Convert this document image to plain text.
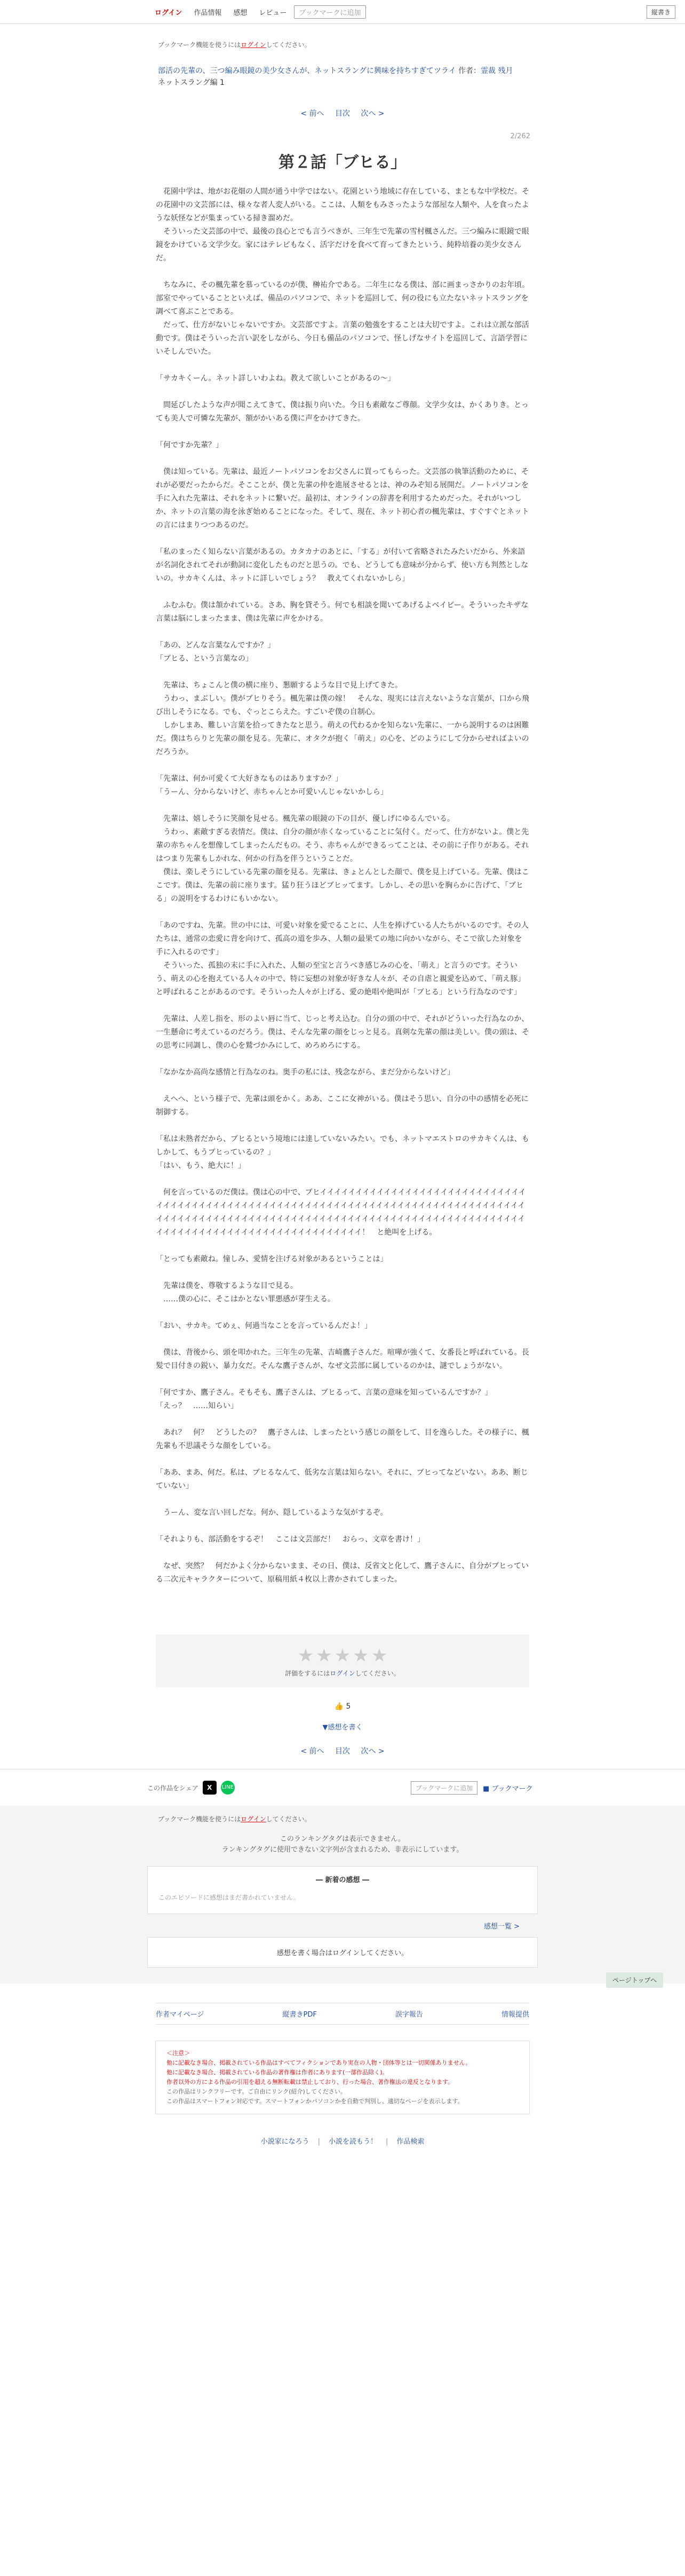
ログイン	作品情報	感想	レビュー	ブックマークに追加	縦書き
ブックマーク機能を使うにはログインしてください。
部活の先輩の、三つ編み眼鏡の美少女さんが、ネットスラングに興味を持ちすぎてツライ 作者：霊裁 残月
ネットスラング編 1
< 前へ 目次 次へ >
2/262
第２話「ブヒる」

花園中学は、地がお花畑の人間が通う中学ではない。花園という地域に存在している、まともな中学校だ。その花園中の文芸部には、様々な者人変人がいる。ここは、人類をもみさったような部屋な人類や、人を食ったような妖怪などが集まっている掃き溜めだ。

そういった文芸部の中で、最後の良心とでも言うべきが、三年生で先輩の雪村楓さんだ。三つ編みに眼鏡で眼鏡をかけている文学少女。家にはテレビもなく、活字だけを食べて育ってきたという、純粋培養の美少女さんだ。

ちなみに、その楓先輩を慕っているのが僕、榊祐介である。二年生になる僕は、部に画まっさかりのお年頃。部室でやっていることといえば、備品のパソコンで、ネットを巡回して、何の役にも立たないネットスラングを調べて喜ぶことである。

だって、仕方がないじゃないですか。文芸部ですよ。言葉の勉強をすることは大切ですよ。これは立派な部活動です。僕はそういった言い訳をしながら、今日も備品のパソコンで、怪しげなサイトを巡回して、言語学習にいそしんでいた。

「サカキくーん。ネット詳しいわよね。教えて欲しいことがあるの～」

間延びしたような声が聞こえてきて、僕は振り向いた。今日も素敵なご尊顔。文学少女は、かくありき。とっても美人で可憐な先輩が、額がかいある僕に声をかけてきた。

「何ですか先輩？」

僕は知っている。先輩は、最近ノートパソコンをお父さんに買ってもらった。文芸部の執筆活動のために、それが必要だったからだ。そこことが、僕と先輩の仲を進展させるとは、神のみぞ知る展開だ。ノートパソコンを手に入れた先輩は、それをネットに繋いだ。最初は、オンラインの辞書を利用するためだった。それがいつしか、ネットの言葉の海を泳ぎ始めることになった。そして、現在、ネット初心者の楓先輩は、すぐすぐとネットの言にはまりつつあるのだ。

「私のまったく知らない言葉があるの。カタカナのあとに、「する」が付いて省略されたみたいだから、外来語が名詞化されてそれが動詞に変化したものだと思うの。でも、どうしても意味が分からず、使い方も判然としないの。サカキくんは、ネットに詳しいでしょう？　教えてくれないかしら」

ふむふむ。僕は頷かれている。さあ、胸を貸そう。何でも相談を聞いてあげるよベイビー。そういったキザな言葉は脳にしまったまま、僕は先輩に声をかける。

「あの、どんな言葉なんですか？」

「ブヒる、という言葉なの」

先輩は、ちょこんと僕の横に座り、懇願するような目で見上げてきた。

うわっ、まぶしい。僕がブヒりそう。楓先輩は僕の嫁！　そんな、現実には言えないような言葉が、口から飛び出しそうになる。でも、ぐっとこらえた。すごいぞ僕の自制心。

しかしまあ、難しい言葉を拾ってきたなと思う。萌えの代わるかを知らない先輩に、一から説明するのは困難だ。僕はちらりと先輩の顔を見る。先輩に、オタクが抱く「萌え」の心を、どのようにして分からせればよいのだろうか。

「先輩は、何か可愛くて大好きなものはありますか？」

「うーん、分からないけど、赤ちゃんとか可愛いんじゃないかしら」

先輩は、嬉しそうに笑顔を見せる。楓先輩の眼鏡の下の目が、優しげにゆるんでいる。

うわっ、素敵すぎる表情だ。僕は、自分の顔が赤くなっていることに気付く。だって、仕方がないよ。僕と先輩の赤ちゃんを想像してしまったんだもの。そう、赤ちゃんができるってことは、その前に子作りがある。それはつまり先輩もしかれな、何かの行為を伴うということだ。

僕は、楽しそうにしている先輩の顔を見る。先輩は、きょとんとした顔で、僕を見上げている。先輩、僕はここです。僕は、先輩の前に座ります。猛り狂うほどブヒッてます。しかし、その思いを胸らかに告げて、「ブヒる」の説明をするわけにもいかない。

「あのですね、先輩。世の中には、可愛い対象を愛でることに、人生を捧げている人たちがいるのです。その人たちは、通常の恋愛に背を向けて、孤高の道を歩み、人類の最果ての地に向かいながら、そこで欲した対象を手に入れるのです」

そういった、孤独の末に手に入れた、人類の至宝と言うべき感じみの心を、「萌え」と言うのです。そういう、萌えの心を抱えている人々の中で、特に妄想の対象が好きな人々が、その自虐と親愛を込めて、「萌え豚」と呼ばれることがあるのです。そういった人々が上げる、愛の絶唱や絶叫が「ブヒる」という行為なのです」

先輩は、人差し指を、形のよい唇に当て、じっと考え込む。自分の頭の中で、それがどういった行為なのか、一生懸命に考えているのだろう。僕は、そんな先輩の顔をじっと見る。真剣な先輩の顔は美しい。僕の頭は、その思考に同調し、僕の心を鷲づかみにして、めろめろにする。

「なかなか高尚な感情と行為なのね。奥手の私には、残念ながら、まだ分からないけど」

えへへ、という様子で、先輩は頭をかく。ああ、ここに女神がいる。僕はそう思い、自分の中の感情を必死に制御する。

「私は未熟者だから、ブヒるという境地には達していないみたい。でも、ネットマエストロのサカキくんは、もしかして、もうブヒっているの？」

「はい、もう、絶大に！」

何を言っているのだ僕は。僕は心の中で、ブヒイイイイイイイイイイイイイイイイイイイイイイイイイイイイイイイイイイイイイイイイイイイイイイイイイイイイイイイイイイイイイイイイイイイイイイイイイイイイイイイイイイイイイイイイイイイイイイイイイイイイイイイイイイイイイイイイイイイイイイイイイイイイイイイイイイイイイイイイイイイイイイイイイイイイイイイイイイイイイイイイイイ！　と絶叫を上げる。

「とっても素敵ね。憧しみ、愛情を注げる対象があるということは」

先輩は僕を、尊敬するような目で見る。

……僕の心に、そこはかとない罪悪感が芽生える。

「おい、サカキ。てめぇ、何過当なことを言っているんだよ！」

僕は、背後から、頭を叩かれた。三年生の先輩、吉崎鷹子さんだ。喧嘩が強くて、女番長と呼ばれている。長髪で目付きの鋭い、暴力女だ。そんな鷹子さんが、なぜ文芸部に属しているのかは、謎でしょうがない。

「何ですか、鷹子さん。そもそも、鷹子さんは、ブヒるって、言葉の意味を知っているんですか？」

「えっ？　……知らい」

あれ？　何？　どうしたの？　鷹子さんは、しまったという感じの顔をして、目を逸らした。その様子に、楓先輩も不思議そうな顔をしている。

「ああ、まあ、何だ。私は、ブヒるなんて、低劣な言葉は知らない。それに、ブヒってなどいない。ああ、断じていない」

うーん、変な言い回しだな。何か、隠しているような気がするぞ。

「それよりも、部活動をするぞ！　ここは文芸部だ！　おらっ、文章を書け！」

なぜ、突然？　何だかよく分からないまま、その日、僕は、反省文と化して、鷹子さんに、自分がブヒっている二次元キャラクターについて、原稿用紙４枚以上書かされてしまった。

ページトップへ
★ ★ ★ ★ ★
評価をするにはログインしてください。
👍 5
▼感想を書く
< 前へ 目次 次へ >
この作品をシェア	X	LINE	ブックマークに追加	■ ブックマーク
ブックマーク機能を使うにはログインしてください。
このランキングタグは表示できません。
ランキングタグに使用できない文字列が含まれるため、非表示にしています。
― 新着の感想 ―
このエピソードに感想はまだ書かれていません。
感想一覧 >
感想を書く場合はログインしてください。
作者マイページ	縦書きPDF	誤字報告	情報提供
＜注意＞
他に記載なき場合、掲載されている作品はすべてフィクションであり実在の人物・団体等とは一切関係ありません。
他に記載なき場合、掲載されている作品の著作権は作者にあります(一部作品除く)。
作者以外の方による作品の引用を超える無断転載は禁止しており、行った場合、著作権法の違反となります。
この作品はリンクフリーです。ご自由にリンク(紹介)してください。
この作品はスマートフォン対応です。スマートフォンかパソコンかを自動で判別し、適切なページを表示します。
小説家になろう | 小説を読もう！ | 作品検索
